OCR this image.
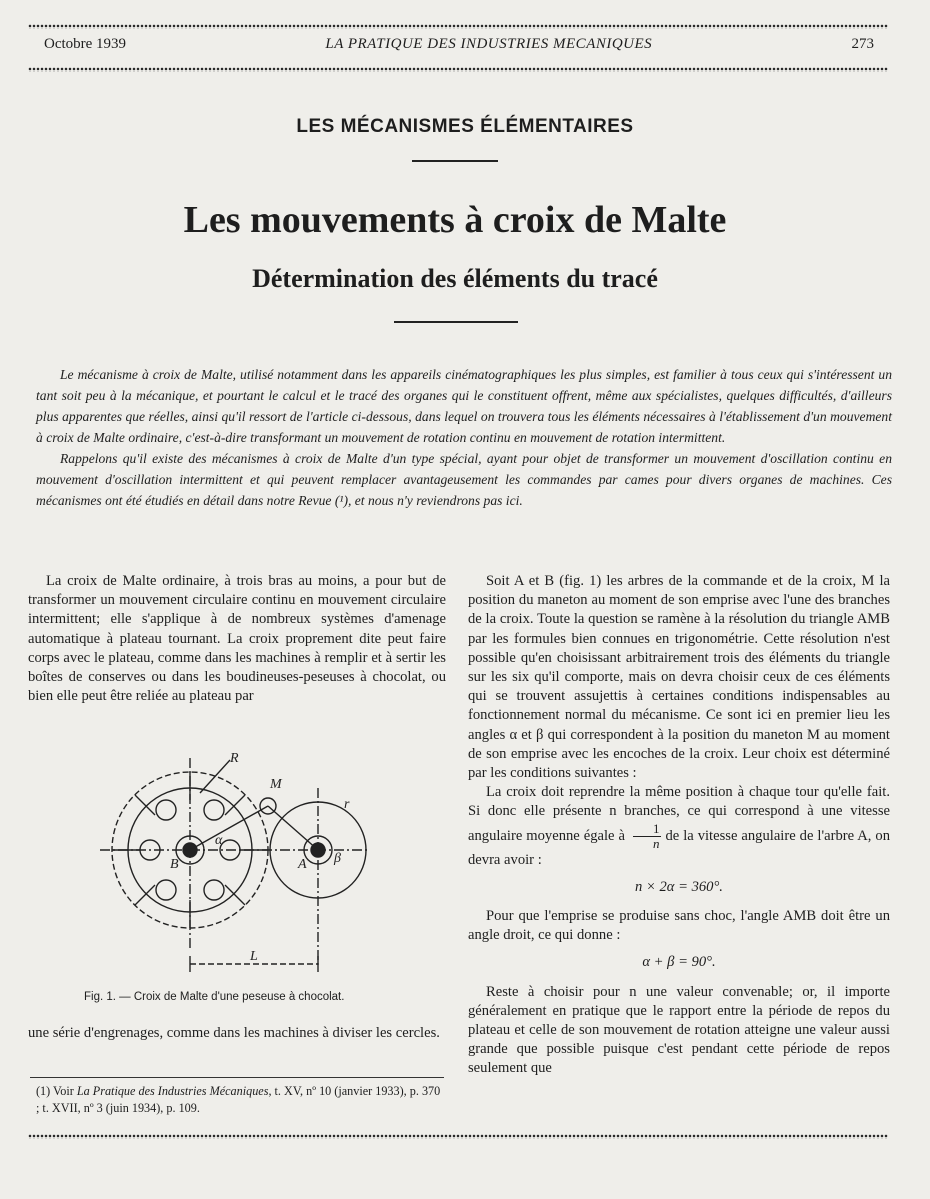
Octobre 1939	LA PRATIQUE DES INDUSTRIES MECANIQUES	273
LES MÉCANISMES ÉLÉMENTAIRES
Les mouvements à croix de Malte
Détermination des éléments du tracé

Le mécanisme à croix de Malte, utilisé notamment dans les appareils cinématographiques les plus simples, est familier à tous ceux qui s'intéressent un tant soit peu à la mécanique, et pourtant le calcul et le tracé des organes qui le constituent offrent, même aux spécialistes, quelques difficultés, d'ailleurs plus apparentes que réelles, ainsi qu'il ressort de l'article ci-dessous, dans lequel on trouvera tous les éléments nécessaires à l'établissement d'un mouvement à croix de Malte ordinaire, c'est-à-dire transformant un mouvement de rotation continu en mouvement de rotation intermittent.

Rappelons qu'il existe des mécanismes à croix de Malte d'un type spécial, ayant pour objet de transformer un mouvement d'oscillation continu en mouvement d'oscillation intermittent et qui peuvent remplacer avantageusement les commandes par cames pour divers organes de machines. Ces mécanismes ont été étudiés en détail dans notre Revue (¹), et nous n'y reviendrons pas ici.

La croix de Malte ordinaire, à trois bras au moins, a pour but de transformer un mouvement circulaire continu en mouvement circulaire intermittent; elle s'applique à de nombreux systèmes d'amenage automatique à plateau tournant. La croix proprement dite peut faire corps avec le plateau, comme dans les machines à remplir et à sertir les boîtes de conserves ou dans les boudineuses-peseuses à chocolat, ou bien elle peut être reliée au plateau par

B	A
M
R
r
L
α
β
Fig. 1. — Croix de Malte d'une peseuse à chocolat.

une série d'engrenages, comme dans les machines à diviser les cercles.

(1) Voir La Pratique des Industries Mécaniques, t. XV, nº 10 (janvier 1933), p. 370 ; t. XVII, nº 3 (juin 1934), p. 109.

Soit A et B (fig. 1) les arbres de la commande et de la croix, M la position du maneton au moment de son emprise avec l'une des branches de la croix. Toute la question se ramène à la résolution du triangle AMB par les formules bien connues en trigonométrie. Cette résolution n'est possible qu'en choisissant arbitrairement trois des éléments du triangle sur les six qu'il comporte, mais on devra choisir ceux de ces éléments qui se trouvent assujettis à certaines conditions indispensables au fonctionnement normal du mécanisme. Ce sont ici en premier lieu les angles α et β qui correspondent à la position du maneton M au moment de son emprise avec les encoches de la croix. Leur choix est déterminé par les conditions suivantes :

La croix doit reprendre la même position à chaque tour qu'elle fait. Si donc elle présente n branches, ce qui correspond à une vitesse angulaire moyenne égale à $\frac{1}{n}$ de la vitesse angulaire de l'arbre A, on devra avoir :

n × 2α = 360°.

Pour que l'emprise se produise sans choc, l'angle AMB doit être un angle droit, ce qui donne :

α + β = 90°.

Reste à choisir pour n une valeur convenable; or, il importe généralement en pratique que le rapport entre la période de repos du plateau et celle de son mouvement de rotation atteigne une valeur aussi grande que possible puisque c'est pendant cette période de repos seulement que
